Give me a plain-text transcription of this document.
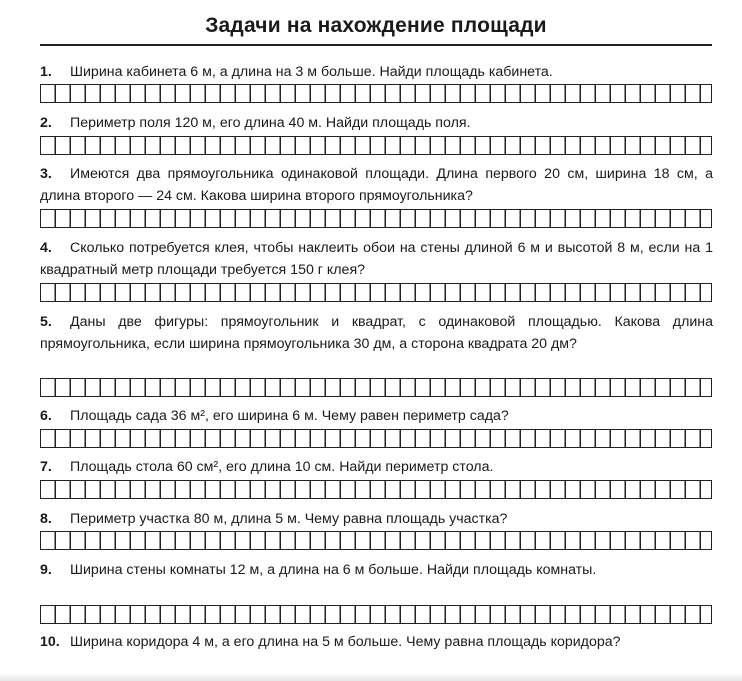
Задачи на нахождение площади
1. Ширина кабинета 6 м, а длина на 3 м больше. Найди площадь кабинета.
2. Периметр поля 120 м, его длина 40 м. Найди площадь поля.
3. Имеются два прямоугольника одинаковой площади. Длина первого 20 см, ширина 18 см, а длина второго — 24 см. Какова ширина второго прямоугольника?
4. Сколько потребуется клея, чтобы наклеить обои на стены длиной 6 м и высотой 8 м, если на 1 квадратный метр площади требуется 150 г клея?
5. Даны две фигуры: прямоугольник и квадрат, с одинаковой площадью. Какова длина прямоугольника, если ширина прямоугольника 30 дм, а сторона квадрата 20 дм?
6. Площадь сада 36 м², его ширина 6 м. Чему равен периметр сада?
7. Площадь стола 60 см², его длина 10 см. Найди периметр стола.
8. Периметр участка 80 м, длина 5 м. Чему равна площадь участка?
9. Ширина стены комнаты 12 м, а длина на 6 м больше. Найди площадь комнаты.
10. Ширина коридора 4 м, а его длина на 5 м больше. Чему равна площадь коридора?
